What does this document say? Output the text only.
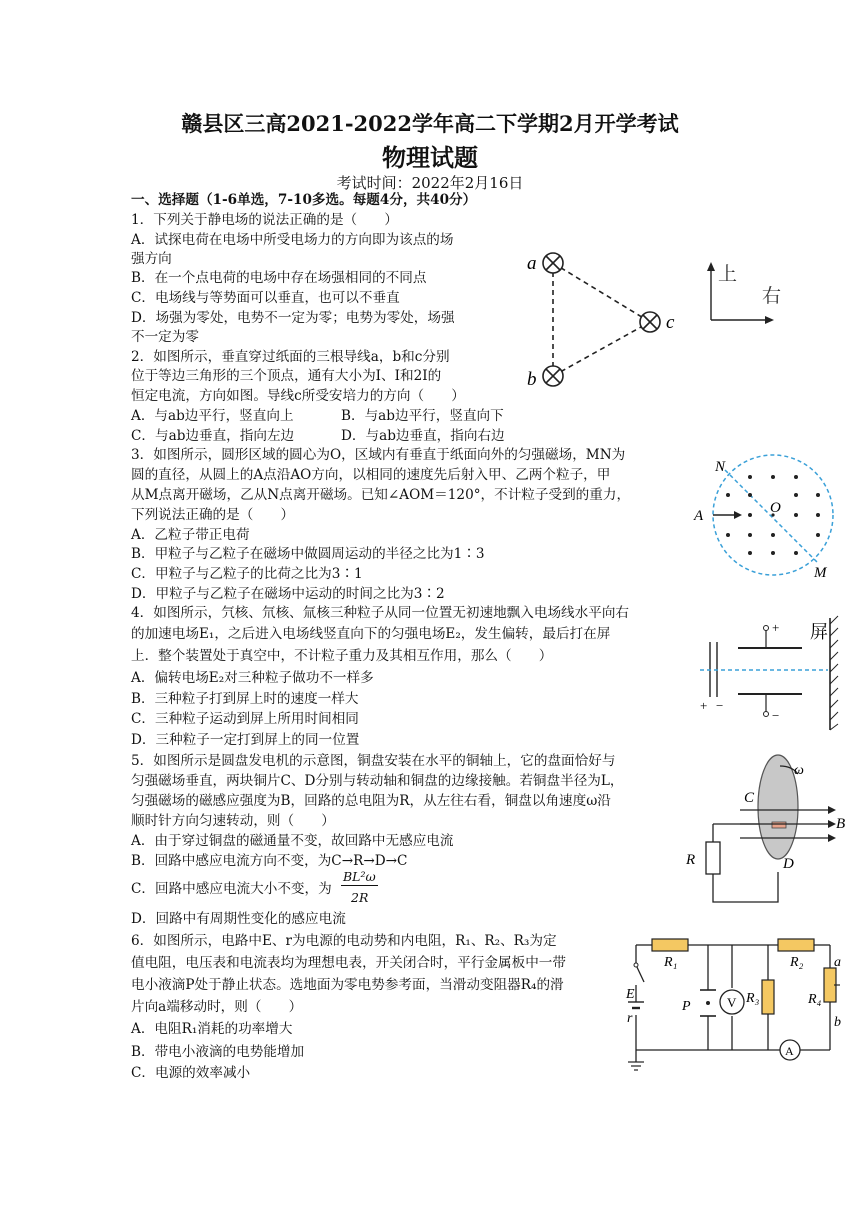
赣县区三高2021-2022学年高二下学期2月开学考试
物理试题
考试时间：2022年2月16日
一、选择题（1-6单选，7-10多选。每题4分，共40分）
1．下列关于静电场的说法正确的是（　　）
A．试探电荷在电场中所受电场力的方向即为该点的场
强方向
B．在一个点电荷的电场中存在场强相同的不同点
C．电场线与等势面可以垂直，也可以不垂直
D．场强为零处，电势不一定为零；电势为零处，场强
不一定为零
2．如图所示，垂直穿过纸面的三根导线a，b和c分别
位于等边三角形的三个顶点，通有大小为I、I和2I的
恒定电流，方向如图。导线c所受安培力的方向（　　）
A．与ab边平行，竖直向上	B．与ab边平行，竖直向下
C．与ab边垂直，指向左边	D．与ab边垂直，指向右边
a
b
c
上
右
3．如图所示，圆形区域的圆心为O，区域内有垂直于纸面向外的匀强磁场，MN为
圆的直径，从圆上的A点沿AO方向，以相同的速度先后射入甲、乙两个粒子，甲
从M点离开磁场，乙从N点离开磁场。已知∠AOM＝120°，不计粒子受到的重力，
下列说法正确的是（　　）
A．乙粒子带正电荷
B．甲粒子与乙粒子在磁场中做圆周运动的半径之比为1∶3
C．甲粒子与乙粒子的比荷之比为3∶1
D．甲粒子与乙粒子在磁场中运动的时间之比为3∶2
N
A	O
M
4．如图所示，氕核、氘核、氚核三种粒子从同一位置无初速地飘入电场线水平向右
的加速电场E₁，之后进入电场线竖直向下的匀强电场E₂，发生偏转，最后打在屏
上．整个装置处于真空中，不计粒子重力及其相互作用，那么（　　）
A．偏转电场E₂对三种粒子做功不一样多
B．三种粒子打到屏上时的速度一样大
C．三种粒子运动到屏上所用时间相同
D．三种粒子一定打到屏上的同一位置
+
−
+ −
屏
5．如图所示是圆盘发电机的示意图，铜盘安装在水平的铜轴上，它的盘面恰好与
匀强磁场垂直，两块铜片C、D分别与转动轴和铜盘的边缘接触。若铜盘半径为L，
匀强磁场的磁感应强度为B，回路的总电阻为R，从左往右看，铜盘以角速度ω沿
顺时针方向匀速转动，则（　　）
A．由于穿过铜盘的磁通量不变，故回路中无感应电流
B．回路中感应电流方向不变，为C→R→D→C
C．回路中感应电流大小不变，为
BL²ω
2R
D．回路中有周期性变化的感应电流
C
D
R
B
ω
6．如图所示，电路中E、r为电源的电动势和内电阻，R₁、R₂、R₃为定
值电阻，电压表和电流表均为理想电表，开关闭合时，平行金属板中一带
电小液滴P处于静止状态。选地面为零电势参考面，当滑动变阻器R₄的滑
片向a端移动时，则（　　）
A．电阻R₁消耗的功率增大
B．带电小液滴的电势能增加
C．电源的效率减小
R₁	R₂
R₃	R₄
E
r
P	V
A
a
b
